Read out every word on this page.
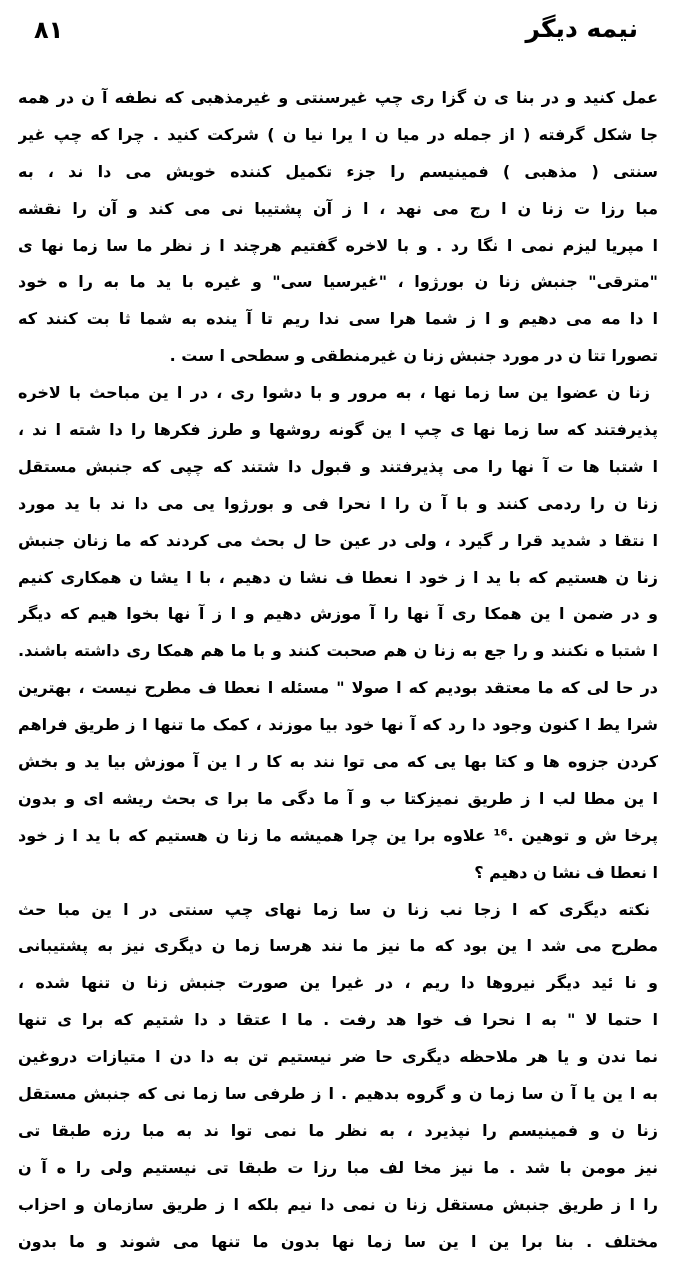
۸۱	نیمه دیگر
عمل کنید و در بنا ی ن گزا ری چپ غیرسنتی و غیرمذهبی که نطفه آ ن در همه
جا شکل گرفته ( از جمله در میا ن ا یرا نیا ن ) شرکت کنید . چرا که چپ غیر
سنتی ( مذهبی ) فمینیسم را جزء تکمیل کننده خویش می دا ند ، به
مبا رزا ت زنا ن ا رج می نهد ، ا ز آن پشتیبا نی می کند و آن را نقشه
ا مپریا لیزم نمی ا نگا رد . و با لاخره گفتیم هرچند ا ز نظر ما سا زما نها ی
"مترقی" جنبش زنا ن بورژوا ، "غیرسیا سی" و غیره با ید ما به را ه خود
ا دا مه می دهیم و ا ز شما هرا سی ندا ریم تا آ ینده به شما ثا بت کنند که
تصورا تتا ن در مورد جنبش زنا ن غیرمنطقی و سطحی ا ست .
زنا ن عضوا ین سا زما نها ، به مرور و با دشوا ری ، در ا ین مباحث با لاخره
پذیرفتند که سا زما نها ی چپ ا ین گونه روشها و طرز فکرها را دا شته ا ند ،
ا شتبا ها ت آ نها را می پذیرفتند و قبول دا شتند که چپی که جنبش مستقل
زنا ن را ردمی کنند و با آ ن را ا نحرا فی و بورژوا یی می دا ند با ید مورد
ا نتقا د شدید قرا ر گیرد ، ولی در عین حا ل بحث می کردند که ما زنان جنبش
زنا ن هستیم که با ید ا ز خود ا نعطا ف نشا ن دهیم ، با ا یشا ن همکاری کنیم
و در ضمن ا ین همکا ری آ نها را آ موزش دهیم و ا ز آ نها بخوا هیم که دیگر
ا شتبا ه نکنند و را جع به زنا ن هم صحبت کنند و با ما هم همکا ری داشته باشند.
در حا لی که ما معتقد بودیم که ا صولا " مسئله ا نعطا ف مطرح نیست ، بهترین
شرا یط ا کنون وجود دا رد که آ نها خود بیا موزند ، کمک ما تنها ا ز طریق فراهم
کردن جزوه ها و کتا بها یی که می توا نند به کا ر ا ین آ موزش بیا ید و بخش
ا ین مطا لب ا ز طریق نمیزکتا ب و آ ما دگی ما برا ی بحث ریشه ای و بدون
پرخا ش و توهین .¹⁶ علاوه برا ین چرا همیشه ما زنا ن هستیم که با ید ا ز خود
ا نعطا ف نشا ن دهیم ؟
نکته دیگری که ا زجا نب زنا ن سا زما نهای چپ سنتی در ا ین مبا حث
مطرح می شد ا ین بود که ما نیز ما نند هرسا زما ن دیگری نیز به پشتیبانی
و نا ئید دیگر نیروها دا ریم ، در غیرا ین صورت جنبش زنا ن تنها شده ،
ا حتما لا " به ا نحرا ف خوا هد رفت . ما ا عتقا د دا شتیم که برا ی تنها
نما ندن و یا هر ملاحظه دیگری حا ضر نیستیم تن به دا دن ا متیازات دروغین
به ا ین یا آ ن سا زما ن و گروه بدهیم . ا ز طرفی سا زما نی که جنبش مستقل
زنا ن و فمینیسم را نپذیرد ، به نظر ما نمی توا ند به مبا رزه طبقا تی
نیز مومن با شد . ما نیز مخا لف مبا رزا ت طبقا تی نیستیم ولی را ه آ ن
را ا ز طریق جنبش مستقل زنا ن نمی دا نیم بلکه ا ز طریق سازمان و احزاب
مختلف . بنا برا ین ا ین سا زما نها بدون ما تنها می شوند و ما بدون
